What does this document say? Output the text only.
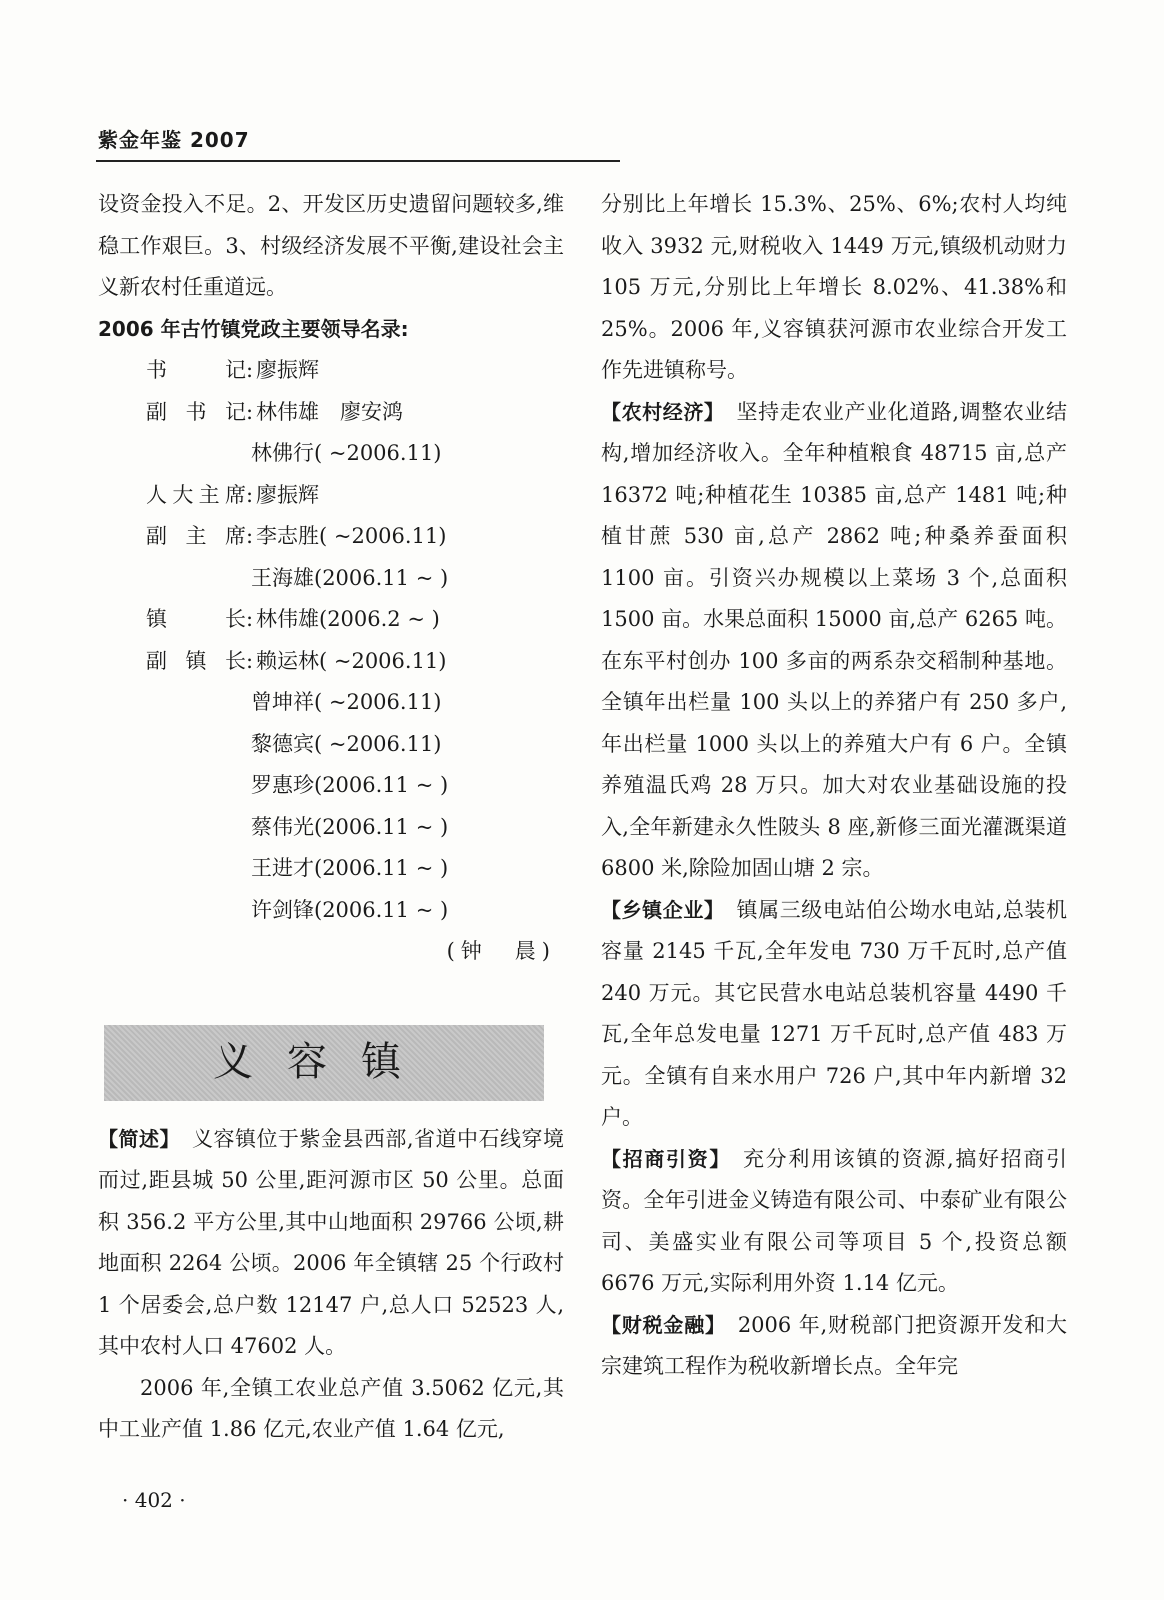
紫金年鉴 2007

设资金投入不足。2、开发区历史遗留问题较多,维稳工作艰巨。3、村级经济发展不平衡,建设社会主义新农村任重道远。

2006 年古竹镇党政主要领导名录:

书记 : 廖振辉
副书记 : 林伟雄　廖安鸿
林佛行( ~2006.11)
人大主席 : 廖振辉
副主席 : 李志胜( ~2006.11)
王海雄(2006.11 ~ )
镇长 : 林伟雄(2006.2 ~ )
副镇长 : 赖运林( ~2006.11)
曾坤祥( ~2006.11)
黎德宾( ~2006.11)
罗惠珍(2006.11 ~ )
蔡伟光(2006.11 ~ )
王进才(2006.11 ~ )
许剑锋(2006.11 ~ )

(钟　晨)

义容镇

【简述】 义容镇位于紫金县西部,省道中石线穿境而过,距县城 50 公里,距河源市区 50 公里。总面积 356.2 平方公里,其中山地面积 29766 公顷,耕地面积 2264 公顷。2006 年全镇辖 25 个行政村 1 个居委会,总户数 12147 户,总人口 52523 人,其中农村人口 47602 人。

2006 年,全镇工农业总产值 3.5062 亿元,其中工业产值 1.86 亿元,农业产值 1.64 亿元,

分别比上年增长 15.3%、25%、6%;农村人均纯收入 3932 元,财税收入 1449 万元,镇级机动财力 105 万元,分别比上年增长 8.02%、41.38%和 25%。2006 年,义容镇获河源市农业综合开发工作先进镇称号。

【农村经济】 坚持走农业产业化道路,调整农业结构,增加经济收入。全年种植粮食 48715 亩,总产 16372 吨;种植花生 10385 亩,总产 1481 吨;种植甘蔗 530 亩,总产 2862 吨;种桑养蚕面积 1100 亩。引资兴办规模以上菜场 3 个,总面积 1500 亩。水果总面积 15000 亩,总产 6265 吨。在东平村创办 100 多亩的两系杂交稻制种基地。全镇年出栏量 100 头以上的养猪户有 250 多户,年出栏量 1000 头以上的养殖大户有 6 户。全镇养殖温氏鸡 28 万只。加大对农业基础设施的投入,全年新建永久性陂头 8 座,新修三面光灌溉渠道 6800 米,除险加固山塘 2 宗。

【乡镇企业】 镇属三级电站伯公坳水电站,总装机容量 2145 千瓦,全年发电 730 万千瓦时,总产值 240 万元。其它民营水电站总装机容量 4490 千瓦,全年总发电量 1271 万千瓦时,总产值 483 万元。全镇有自来水用户 726 户,其中年内新增 32 户。

【招商引资】 充分利用该镇的资源,搞好招商引资。全年引进金义铸造有限公司、中泰矿业有限公司、美盛实业有限公司等项目 5 个,投资总额 6676 万元,实际利用外资 1.14 亿元。

【财税金融】 2006 年,财税部门把资源开发和大宗建筑工程作为税收新增长点。全年完

· 402 ·
